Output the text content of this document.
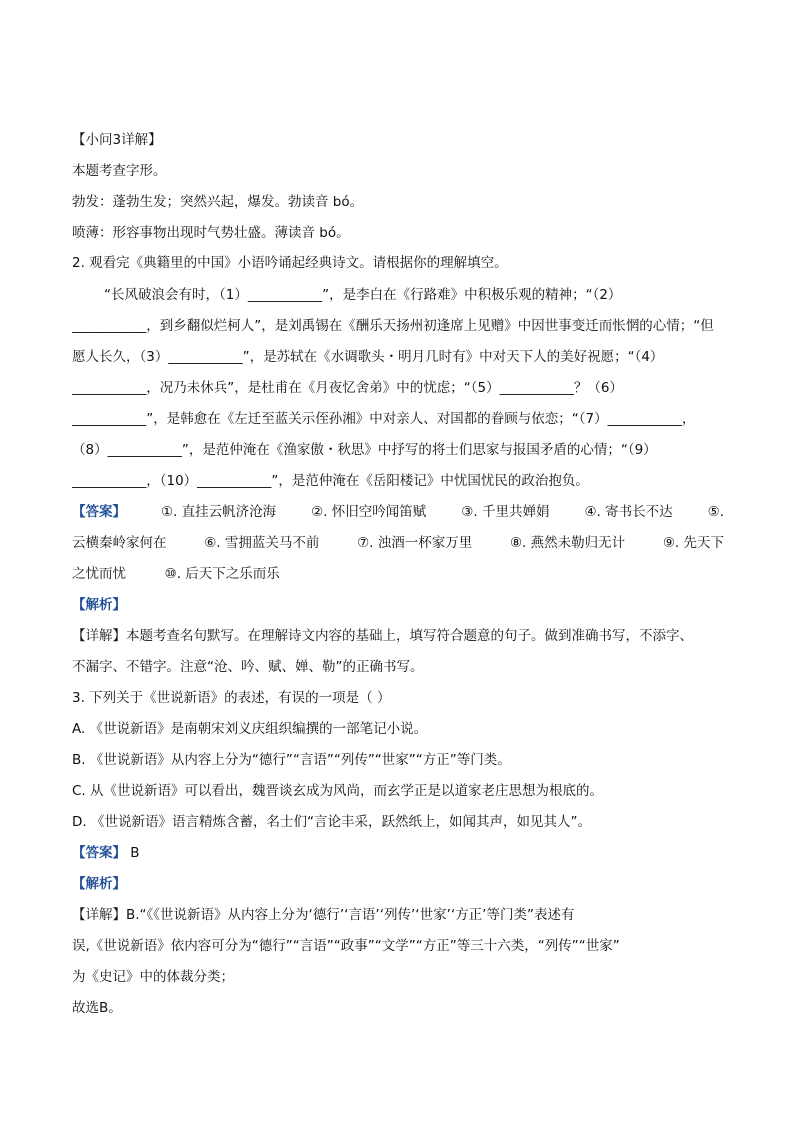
【小问3详解】
本题考查字形。
勃发：蓬勃生发；突然兴起，爆发。勃读音 bó。
喷薄：形容事物出现时气势壮盛。薄读音 bó。
2. 观看完《典籍里的中国》小语吟诵起经典诗文。请根据你的理解填空。
“长风破浪会有时，（1）___________”，是李白在《行路难》中积极乐观的精神；“（2）
___________，到乡翻似烂柯人”，是刘禹锡在《酬乐天扬州初逢席上见赠》中因世事变迁而怅惘的心情；“但
愿人长久，（3）___________”，是苏轼在《水调歌头・明月几时有》中对天下人的美好祝愿；“（4）
___________，况乃未休兵”，是杜甫在《月夜忆舍弟》中的忧虑；“（5）___________？（6）
___________”，是韩愈在《左迁至蓝关示侄孙湘》中对亲人、对国都的眷顾与依恋；“（7）___________，
（8）___________”，是范仲淹在《渔家傲・秋思》中抒写的将士们思家与报国矛盾的心情；“（9）
___________，（10）___________”，是范仲淹在《岳阳楼记》中忧国忧民的政治抱负。
【答案】	①. 直挂云帆济沧海	②. 怀旧空吟闻笛赋	③. 千里共婵娟	④. 寄书长不达	⑤.
云横秦岭家何在	⑥. 雪拥蓝关马不前	⑦. 浊酒一杯家万里	⑧. 燕然未勒归无计	⑨. 先天下
之忧而忧	⑩. 后天下之乐而乐
【解析】
【详解】本题考查名句默写。在理解诗文内容的基础上，填写符合题意的句子。做到准确书写，不添字、
不漏字、不错字。注意“沧、吟、赋、婵、勒”的正确书写。
3. 下列关于《世说新语》的表述，有误的一项是（ ）
A. 《世说新语》是南朝宋刘义庆组织编撰的一部笔记小说。
B. 《世说新语》从内容上分为“德行”“言语”“列传”“世家”“方正”等门类。
C. 从《世说新语》可以看出，魏晋谈玄成为风尚，而玄学正是以道家老庄思想为根底的。
D. 《世说新语》语言精炼含蓄，名士们“言论丰采，跃然纸上，如闻其声，如见其人”。
【答案】 B
【解析】
【详解】B.“《《世说新语》从内容上分为‘德行’‘言语’‘列传’‘世家’‘方正’等门类”表述有
误,《世说新语》依内容可分为“德行”“言语”“政事”“文学”“方正”等三十六类，“列传”“世家”
为《史记》中的体裁分类；
故选B。
